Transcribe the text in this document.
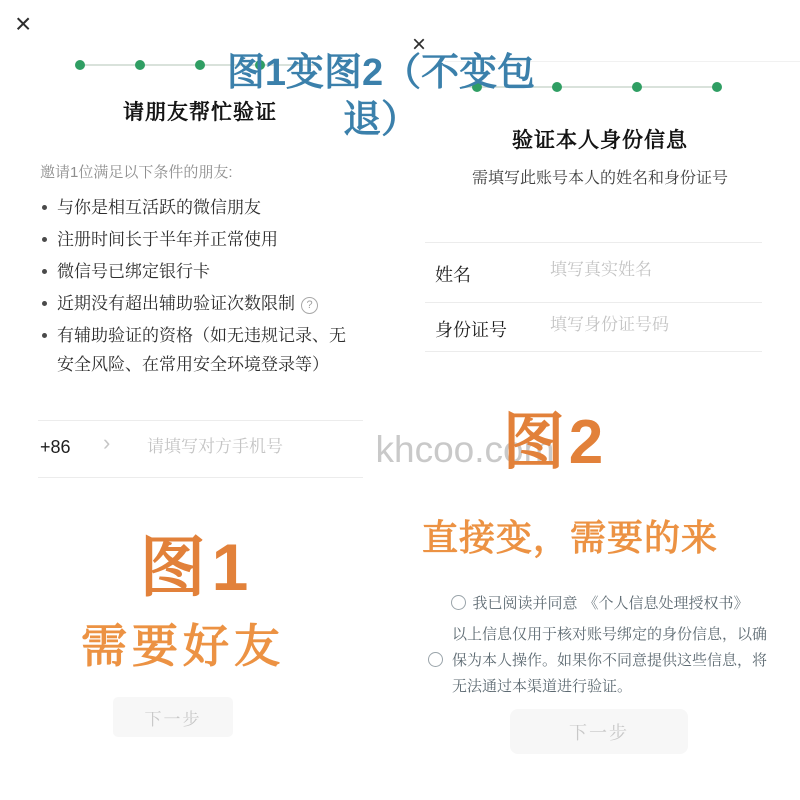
×
请朋友帮忙验证
邀请1位满足以下条件的朋友:
与你是相互活跃的微信朋友
注册时间长于半年并正常使用
微信号已绑定银行卡
近期没有超出辅助验证次数限制 ?
有辅助验证的资格（如无违规记录、无安全风险、在常用安全环境登录等）
+86 ›
请填写对方手机号
下一步
×
验证本人身份信息
需填写此账号本人的姓名和身份证号
姓名
填写真实姓名
身份证号
填写身份证号码
我已阅读并同意 《个人信息处理授权书》
以上信息仅用于核对账号绑定的身份信息，以确保为本人操作。如果你不同意提供这些信息，将无法通过本渠道进行验证。
下一步
图1变图2（不变包
退）
khcoo.com
图1
需要好友
图2
直接变，需要的来
